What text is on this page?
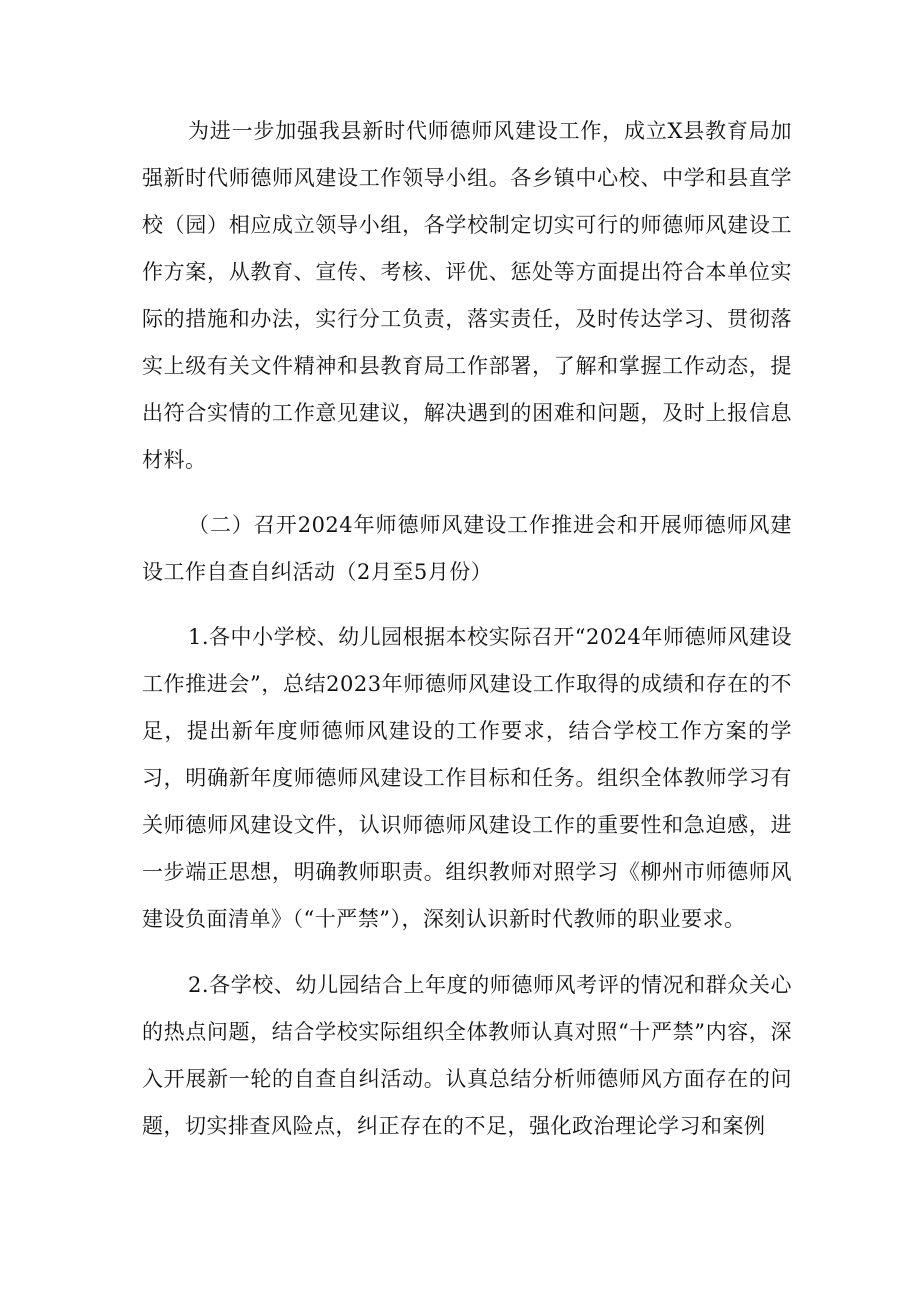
为进一步加强我县新时代师德师风建设工作，成立X县教育局加强新时代师德师风建设工作领导小组。各乡镇中心校、中学和县直学校（园）相应成立领导小组，各学校制定切实可行的师德师风建设工作方案，从教育、宣传、考核、评优、惩处等方面提出符合本单位实际的措施和办法，实行分工负责，落实责任，及时传达学习、贯彻落实上级有关文件精神和县教育局工作部署，了解和掌握工作动态，提出符合实情的工作意见建议，解决遇到的困难和问题，及时上报信息材料。

（二）召开2024年师德师风建设工作推进会和开展师德师风建设工作自查自纠活动（2月至5月份）

1.各中小学校、幼儿园根据本校实际召开“2024年师德师风建设工作推进会”，总结2023年师德师风建设工作取得的成绩和存在的不足，提出新年度师德师风建设的工作要求，结合学校工作方案的学习，明确新年度师德师风建设工作目标和任务。组织全体教师学习有关师德师风建设文件，认识师德师风建设工作的重要性和急迫感，进一步端正思想，明确教师职责。组织教师对照学习《柳州市师德师风建设负面清单》（“十严禁”），深刻认识新时代教师的职业要求。

2.各学校、幼儿园结合上年度的师德师风考评的情况和群众关心的热点问题，结合学校实际组织全体教师认真对照“十严禁”内容，深入开展新一轮的自查自纠活动。认真总结分析师德师风方面存在的问题，切实排查风险点，纠正存在的不足，强化政治理论学习和案例
